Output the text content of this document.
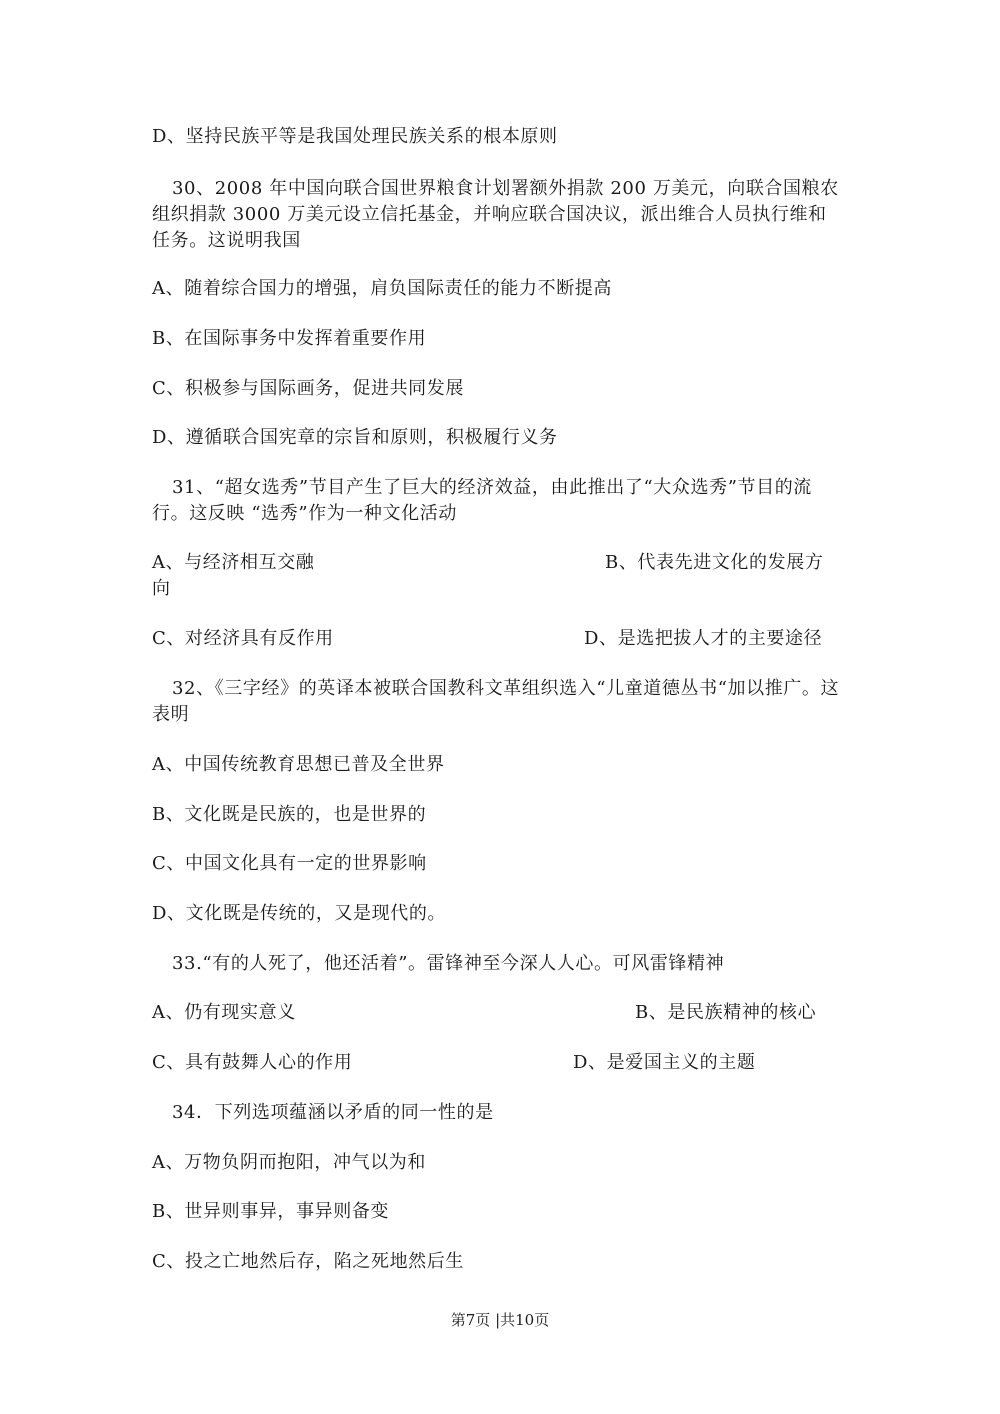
D、坚持民族平等是我国处理民族关系的根本原则
30、2008 年中国向联合国世界粮食计划署额外捐款 200 万美元，向联合国粮农组织捐款 3000 万美元设立信托基金，并响应联合国决议，派出维合人员执行维和任务。这说明我国
A、随着综合国力的增强，肩负国际责任的能力不断提高
B、在国际事务中发挥着重要作用
C、积极参与国际画务，促进共同发展
D、遵循联合国宪章的宗旨和原则，积极履行义务
31、“超女选秀”节目产生了巨大的经济效益，由此推出了“大众选秀”节目的流行。这反映 “选秀”作为一种文化活动
A、与经济相互交融	B、代表先进文化的发展方
向
C、对经济具有反作用	D、是选把拔人才的主要途径
32、《三字经》的英译本被联合国教科文革组织选入“儿童道德丛书“加以推广。这表明
A、中国传统教育思想已普及全世界
B、文化既是民族的，也是世界的
C、中国文化具有一定的世界影响
D、文化既是传统的，又是现代的。
33.“有的人死了，他还活着”。雷锋神至今深人人心。可风雷锋精神
A、仍有现实意义	B、是民族精神的核心
C、具有鼓舞人心的作用	D、是爱国主义的主题
34．下列选项蕴涵以矛盾的同一性的是
A、万物负阴而抱阳，冲气以为和
B、世异则事异，事异则备变
C、投之亡地然后存，陷之死地然后生
第7页 |共10页
